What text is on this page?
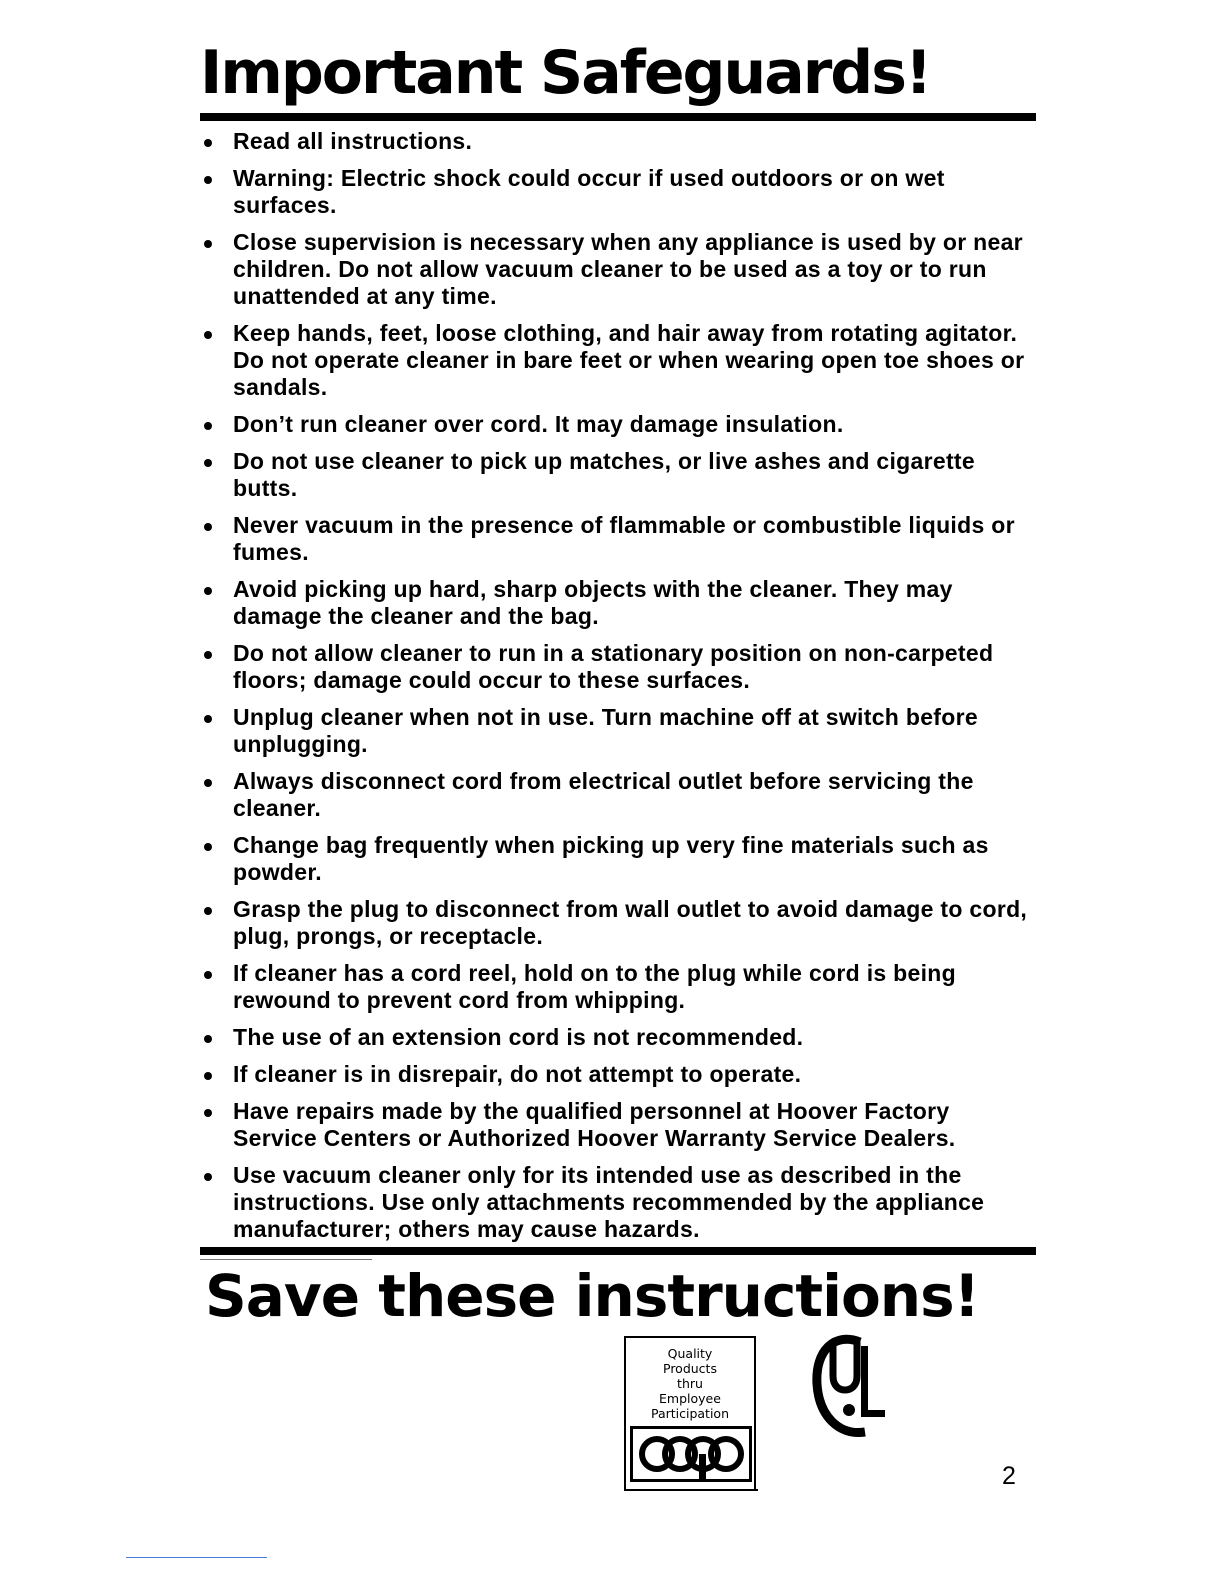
Important Safeguards!
Read all instructions.
Warning: Electric shock could occur if used outdoors or on wet surfaces.
Close supervision is necessary when any appliance is used by or near children. Do not allow vacuum cleaner to be used as a toy or to run unattended at any time.
Keep hands, feet, loose clothing, and hair away from rotating agitator. Do not operate cleaner in bare feet or when wearing open toe shoes or sandals.
Don’t run cleaner over cord. It may damage insulation.
Do not use cleaner to pick up matches, or live ashes and cigarette butts.
Never vacuum in the presence of flammable or combustible liquids or fumes.
Avoid picking up hard, sharp objects with the cleaner. They may damage the cleaner and the bag.
Do not allow cleaner to run in a stationary position on non-carpeted floors; damage could occur to these surfaces.
Unplug cleaner when not in use. Turn machine off at switch before unplugging.
Always disconnect cord from electrical outlet before servicing the cleaner.
Change bag frequently when picking up very fine materials such as powder.
Grasp the plug to disconnect from wall outlet to avoid damage to cord, plug, prongs, or receptacle.
If cleaner has a cord reel, hold on to the plug while cord is being rewound to prevent cord from whipping.
The use of an extension cord is not recommended.
If cleaner is in disrepair, do not attempt to operate.
Have repairs made by the qualified personnel at Hoover Factory Service Centers or Authorized Hoover Warranty Service Dealers.
Use vacuum cleaner only for its intended use as described in the instructions. Use only attachments recommended by the appliance manufacturer; others may cause hazards.
Save these instructions!
Quality
Products
thru
Employee
Participation
2
